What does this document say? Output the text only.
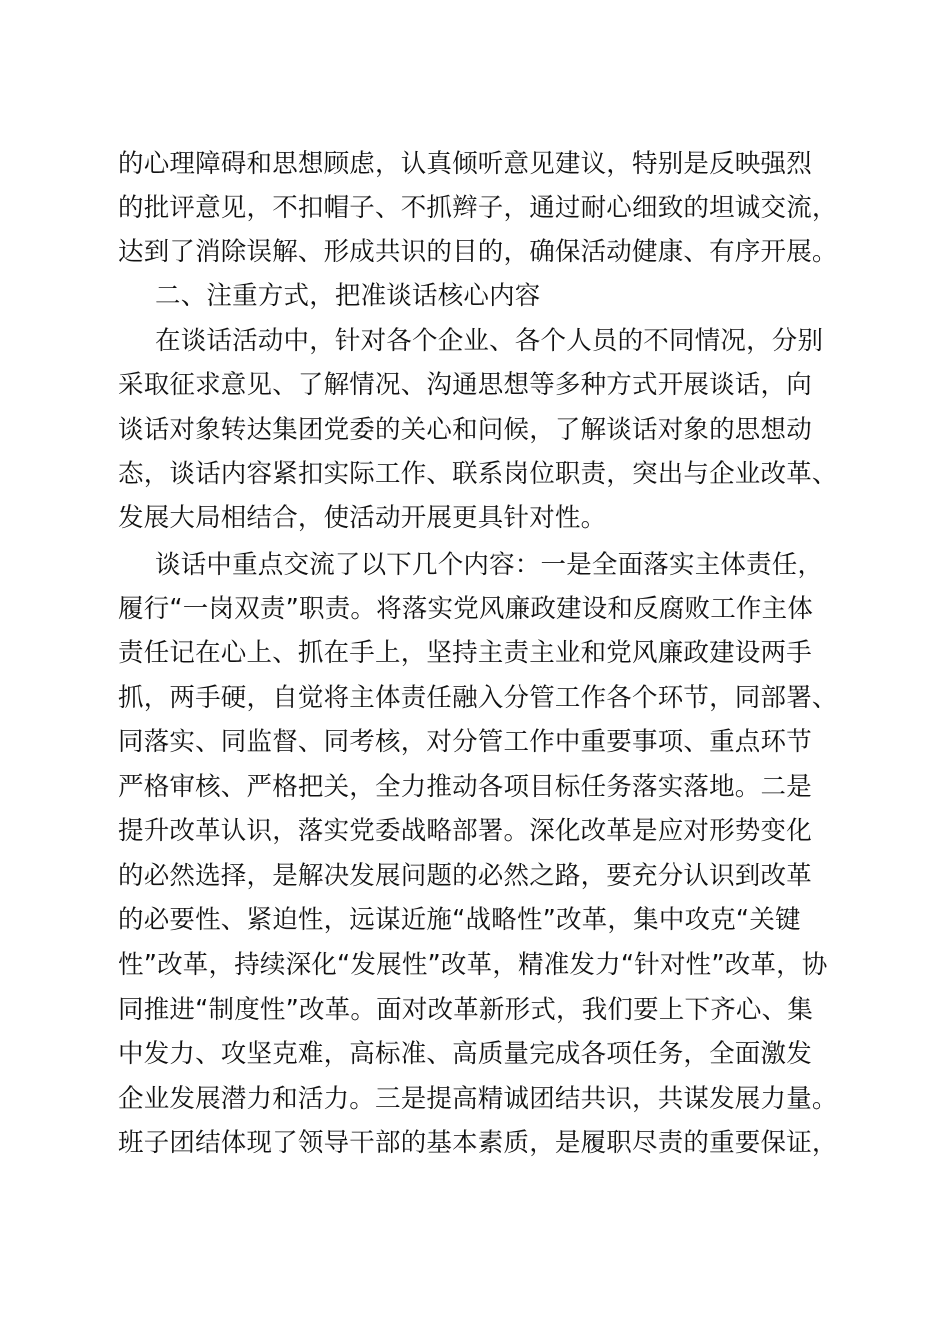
的心理障碍和思想顾虑，认真倾听意见建议，特别是反映强烈
的批评意见，不扣帽子、不抓辫子，通过耐心细致的坦诚交流，
达到了消除误解、形成共识的目的，确保活动健康、有序开展。
二、注重方式，把准谈话核心内容
在谈话活动中，针对各个企业、各个人员的不同情况，分别
采取征求意见、了解情况、沟通思想等多种方式开展谈话，向
谈话对象转达集团党委的关心和问候，了解谈话对象的思想动
态，谈话内容紧扣实际工作、联系岗位职责，突出与企业改革、
发展大局相结合，使活动开展更具针对性。
谈话中重点交流了以下几个内容：一是全面落实主体责任，
履行“一岗双责”职责。将落实党风廉政建设和反腐败工作主体
责任记在心上、抓在手上，坚持主责主业和党风廉政建设两手
抓，两手硬，自觉将主体责任融入分管工作各个环节，同部署、
同落实、同监督、同考核，对分管工作中重要事项、重点环节
严格审核、严格把关，全力推动各项目标任务落实落地。二是
提升改革认识，落实党委战略部署。深化改革是应对形势变化
的必然选择，是解决发展问题的必然之路，要充分认识到改革
的必要性、紧迫性，远谋近施“战略性”改革，集中攻克“关键
性”改革，持续深化“发展性”改革，精准发力“针对性”改革，协
同推进“制度性”改革。面对改革新形式，我们要上下齐心、集
中发力、攻坚克难，高标准、高质量完成各项任务，全面激发
企业发展潜力和活力。三是提高精诚团结共识，共谋发展力量。
班子团结体现了领导干部的基本素质，是履职尽责的重要保证，
